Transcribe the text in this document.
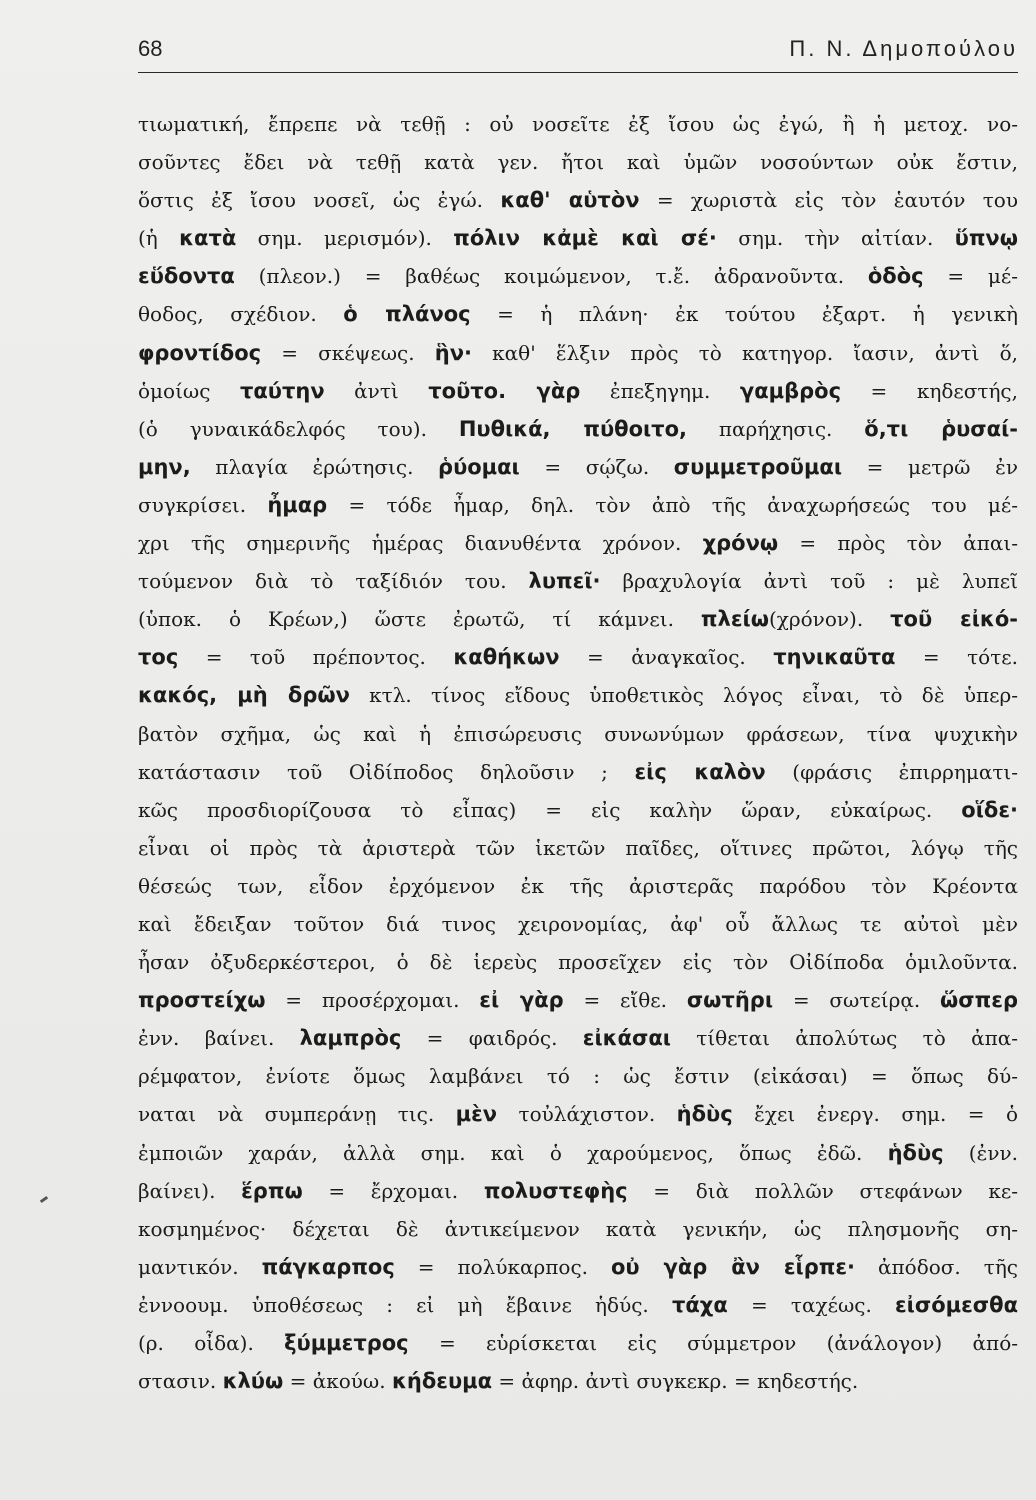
68	Π. Ν. Δημοπούλου
τιωματική, ἔπρεπε νὰ τεθῇ : οὐ νοσεῖτε ἐξ ἴσου ὡς ἐγώ, ἢ ἡ μετοχ. νο-
σοῦντες ἔδει νὰ τεθῇ κατὰ γεν. ἤτοι καὶ ὑμῶν νοσούντων οὐκ ἔστιν,
ὅστις ἐξ ἴσου νοσεῖ, ὡς ἐγώ. καθ' αὑτὸν = χωριστὰ εἰς τὸν ἑαυτόν του
(ἡ κατὰ σημ. μερισμόν). πόλιν κἀμὲ καὶ σέ· σημ. τὴν αἰτίαν. ὕπνῳ
εὕδοντα (πλεον.) = βαθέως κοιμώμενον, τ.ἔ. ἀδρανοῦντα. ὁδὸς = μέ-
θοδος, σχέδιον. ὁ πλάνος = ἡ πλάνη· ἐκ τούτου ἐξαρτ. ἡ γενικὴ
φροντίδος = σκέψεως. ἣν· καθ' ἕλξιν πρὸς τὸ κατηγορ. ἴασιν, ἀντὶ ὅ,
ὁμοίως ταύτην ἀντὶ τοῦτο. γὰρ ἐπεξηγημ. γαμβρὸς = κηδεστής,
(ὁ γυναικάδελφός του). Πυθικά, πύθοιτο, παρήχησις. ὅ,τι ῥυσαί-
μην, πλαγία ἐρώτησις. ῥύομαι = σῴζω. συμμετροῦμαι = μετρῶ ἐν
συγκρίσει. ἦμαρ = τόδε ἦμαρ, δηλ. τὸν ἀπὸ τῆς ἀναχωρήσεώς του μέ-
χρι τῆς σημερινῆς ἡμέρας διανυθέντα χρόνον. χρόνῳ = πρὸς τὸν ἀπαι-
τούμενον διὰ τὸ ταξίδιόν του. λυπεῖ· βραχυλογία ἀντὶ τοῦ : μὲ λυπεῖ
(ὑποκ. ὁ Κρέων,) ὥστε ἐρωτῶ, τί κάμνει. πλείω(χρόνον). τοῦ εἰκό-
τος = τοῦ πρέποντος. καθήκων = ἀναγκαῖος. τηνικαῦτα = τότε.
κακός, μὴ δρῶν κτλ. τίνος εἴδους ὑποθετικὸς λόγος εἶναι, τὸ δὲ ὑπερ-
βατὸν σχῆμα, ὡς καὶ ἡ ἐπισώρευσις συνωνύμων φράσεων, τίνα ψυχικὴν
κατάστασιν τοῦ Οἰδίποδος δηλοῦσιν ; εἰς καλὸν (φράσις ἐπιρρηματι-
κῶς προσδιορίζουσα τὸ εἶπας) = εἰς καλὴν ὥραν, εὐκαίρως. οἵδε·
εἶναι οἱ πρὸς τὰ ἀριστερὰ τῶν ἱκετῶν παῖδες, οἵτινες πρῶτοι, λόγῳ τῆς
θέσεώς των, εἶδον ἐρχόμενον ἐκ τῆς ἀριστερᾶς παρόδου τὸν Κρέοντα
καὶ ἔδειξαν τοῦτον διά τινος χειρονομίας, ἀφ' οὗ ἄλλως τε αὐτοὶ μὲν
ἦσαν ὀξυδερκέστεροι, ὁ δὲ ἱερεὺς προσεῖχεν εἰς τὸν Οἰδίποδα ὁμιλοῦντα.
προστείχω = προσέρχομαι. εἰ γὰρ = εἴθε. σωτῆρι = σωτείρᾳ. ὥσπερ
ἐνν. βαίνει. λαμπρὸς = φαιδρός. εἰκάσαι τίθεται ἀπολύτως τὸ ἀπα-
ρέμφατον, ἐνίοτε ὅμως λαμβάνει τό : ὡς ἔστιν (εἰκάσαι) = ὅπως δύ-
ναται νὰ συμπεράνῃ τις. μὲν τοὐλάχιστον. ἡδὺς ἔχει ἐνεργ. σημ. = ὁ
ἐμποιῶν χαράν, ἀλλὰ σημ. καὶ ὁ χαρούμενος, ὅπως ἐδῶ. ἡδὺς (ἐνν.
βαίνει). ἕρπω = ἔρχομαι. πολυστεφὴς = διὰ πολλῶν στεφάνων κε-
κοσμημένος· δέχεται δὲ ἀντικείμενον κατὰ γενικήν, ὡς πλησμονῆς ση-
μαντικόν. πάγκαρπος = πολύκαρπος. οὐ γὰρ ἂν εἷρπε· ἀπόδοσ. τῆς
ἐννοουμ. ὑποθέσεως : εἰ μὴ ἔβαινε ἡδύς. τάχα = ταχέως. εἰσόμεσθα
(ρ. οἶδα). ξύμμετρος = εὑρίσκεται εἰς σύμμετρον (ἀνάλογον) ἀπό-
στασιν. κλύω = ἀκούω. κήδευμα = ἀφηρ. ἀντὶ συγκεκρ. = κηδεστής.
